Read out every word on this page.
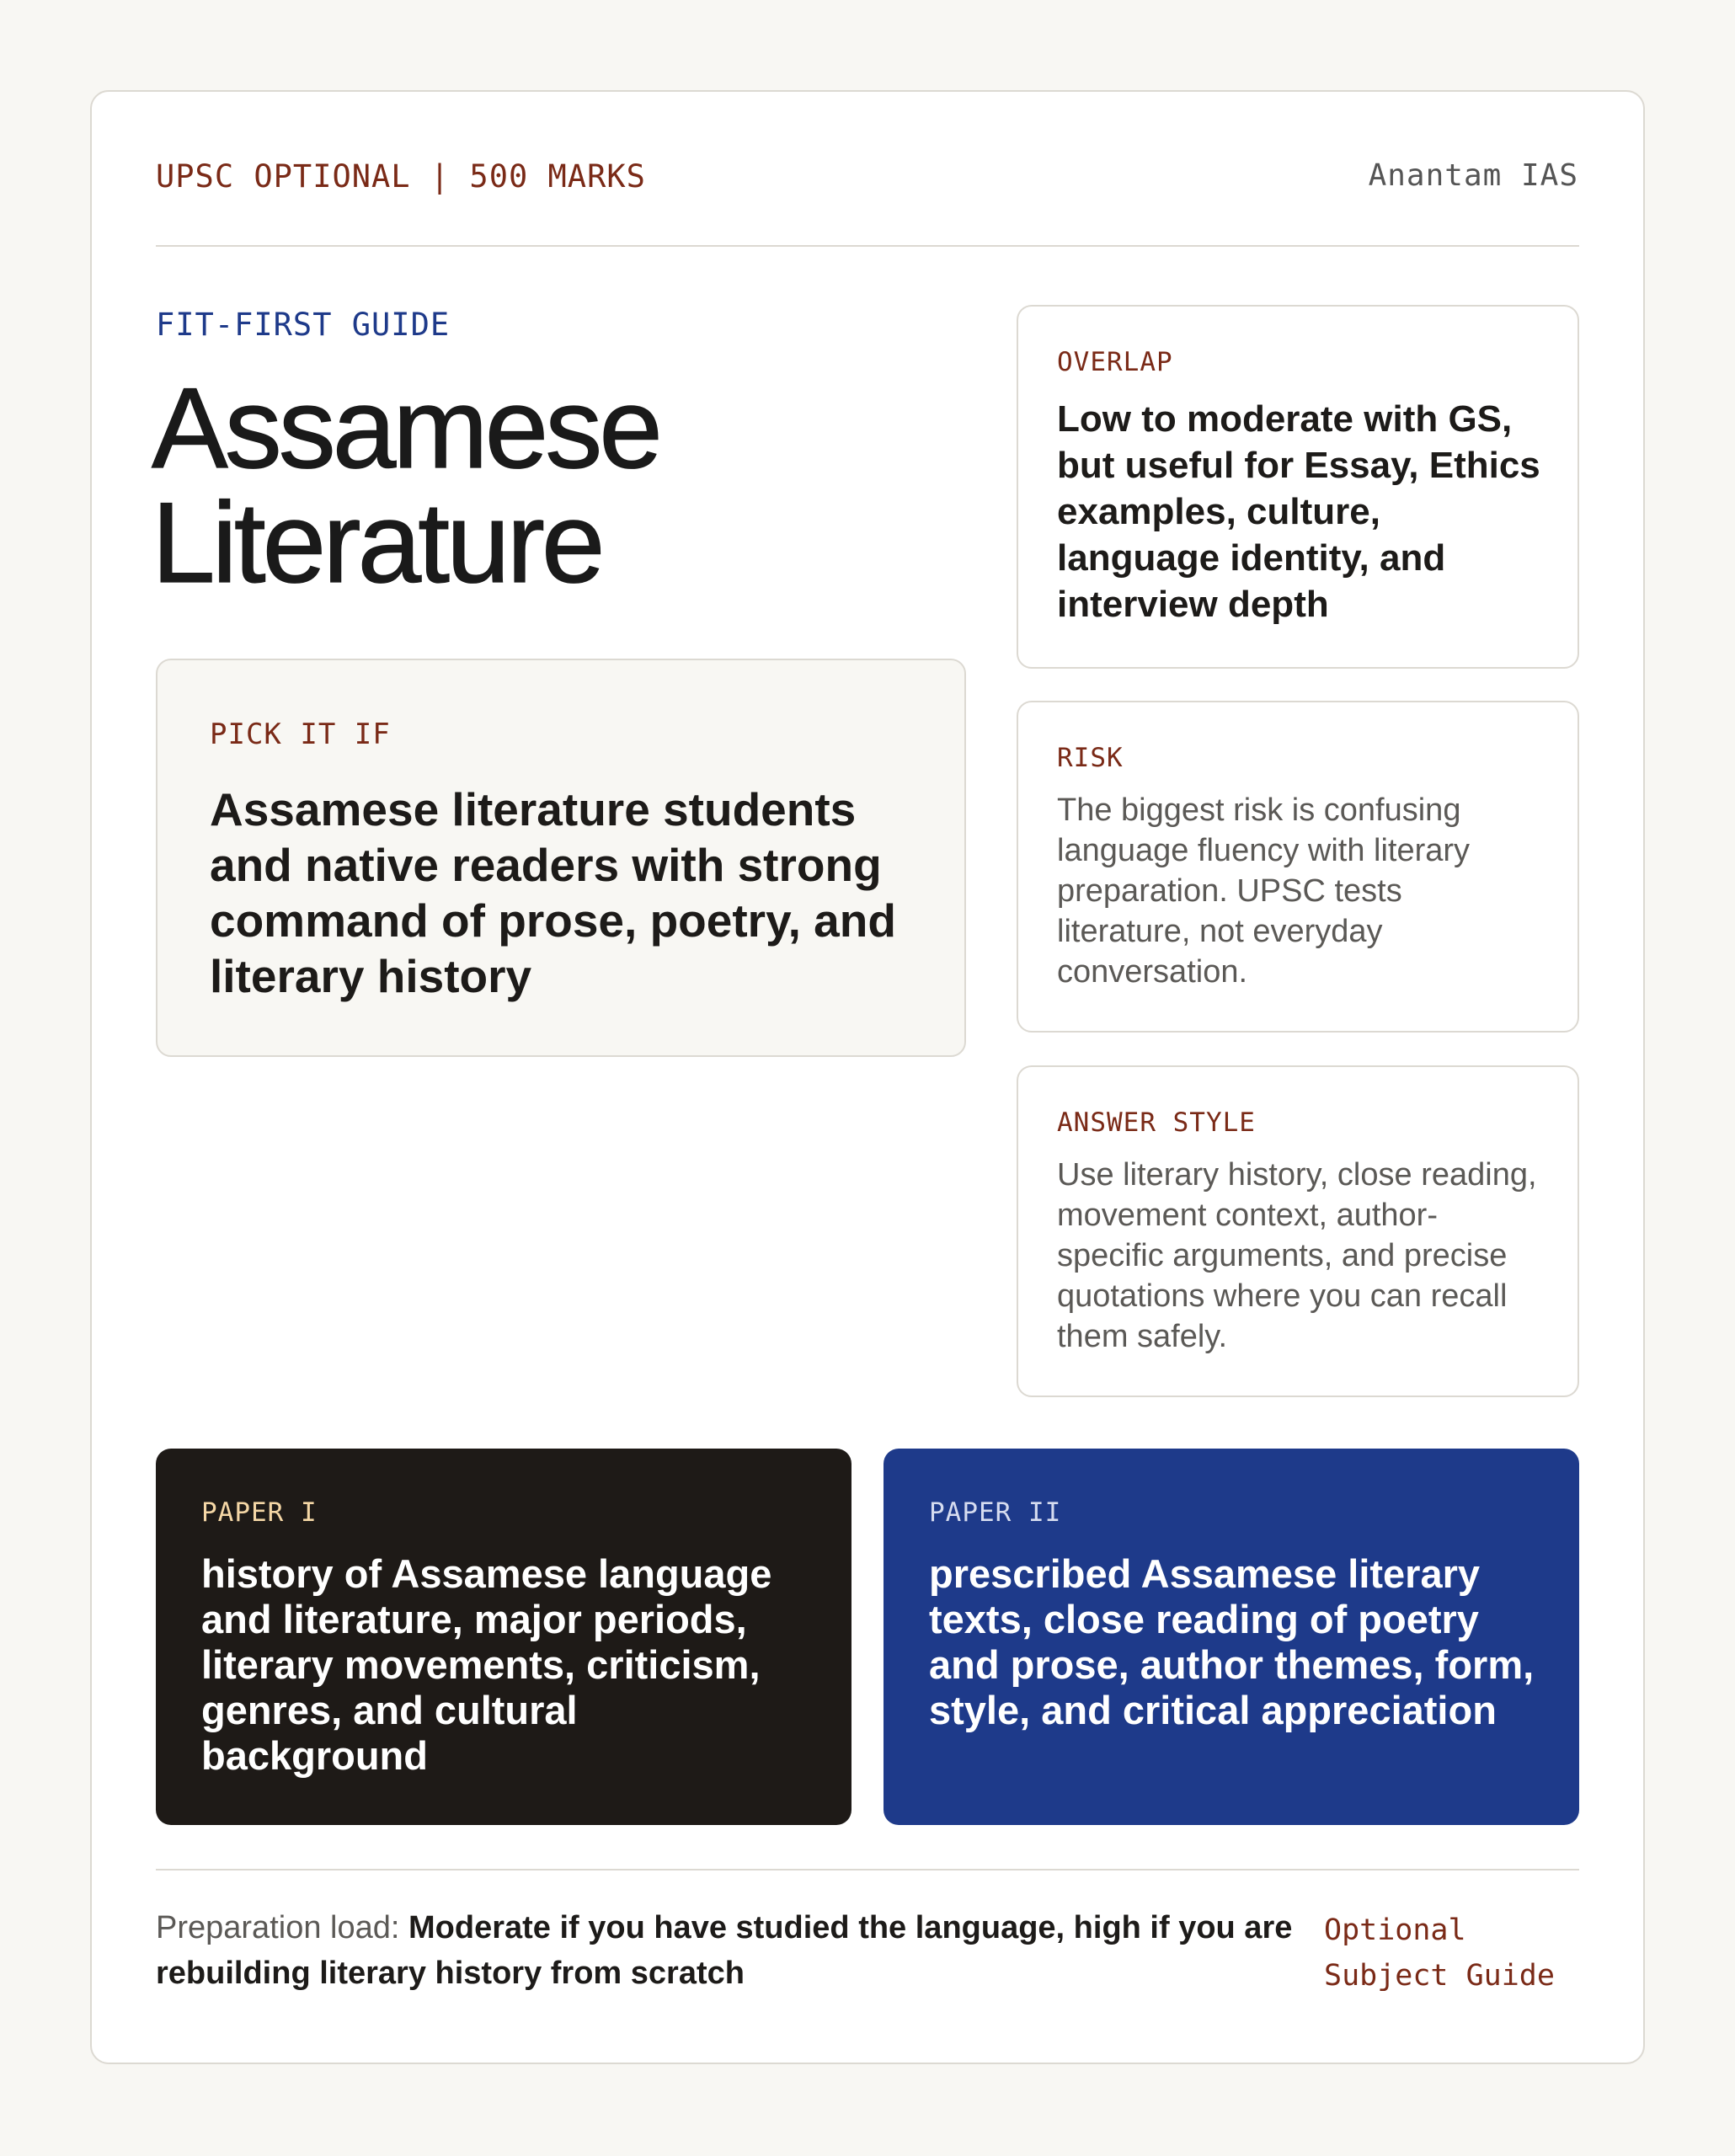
UPSC OPTIONAL | 500 MARKS	Anantam IAS
FIT-FIRST GUIDE
Assamese
Literature
PICK IT IF
Assamese literature students and native readers with strong command of prose, poetry, and literary history
OVERLAP
Low to moderate with GS, but useful for Essay, Ethics examples, culture, language identity, and interview depth
RISK
The biggest risk is confusing language fluency with literary preparation. UPSC tests literature, not everyday conversation.
ANSWER STYLE
Use literary history, close reading, movement context, author-specific arguments, and precise quotations where you can recall them safely.
PAPER I
history of Assamese language and literature, major periods, literary movements, criticism, genres, and cultural background
PAPER II
prescribed Assamese literary texts, close reading of poetry and prose, author themes, form, style, and critical appreciation
Preparation load: Moderate if you have studied the language, high if you are rebuilding literary history from scratch
Optional
Subject Guide
